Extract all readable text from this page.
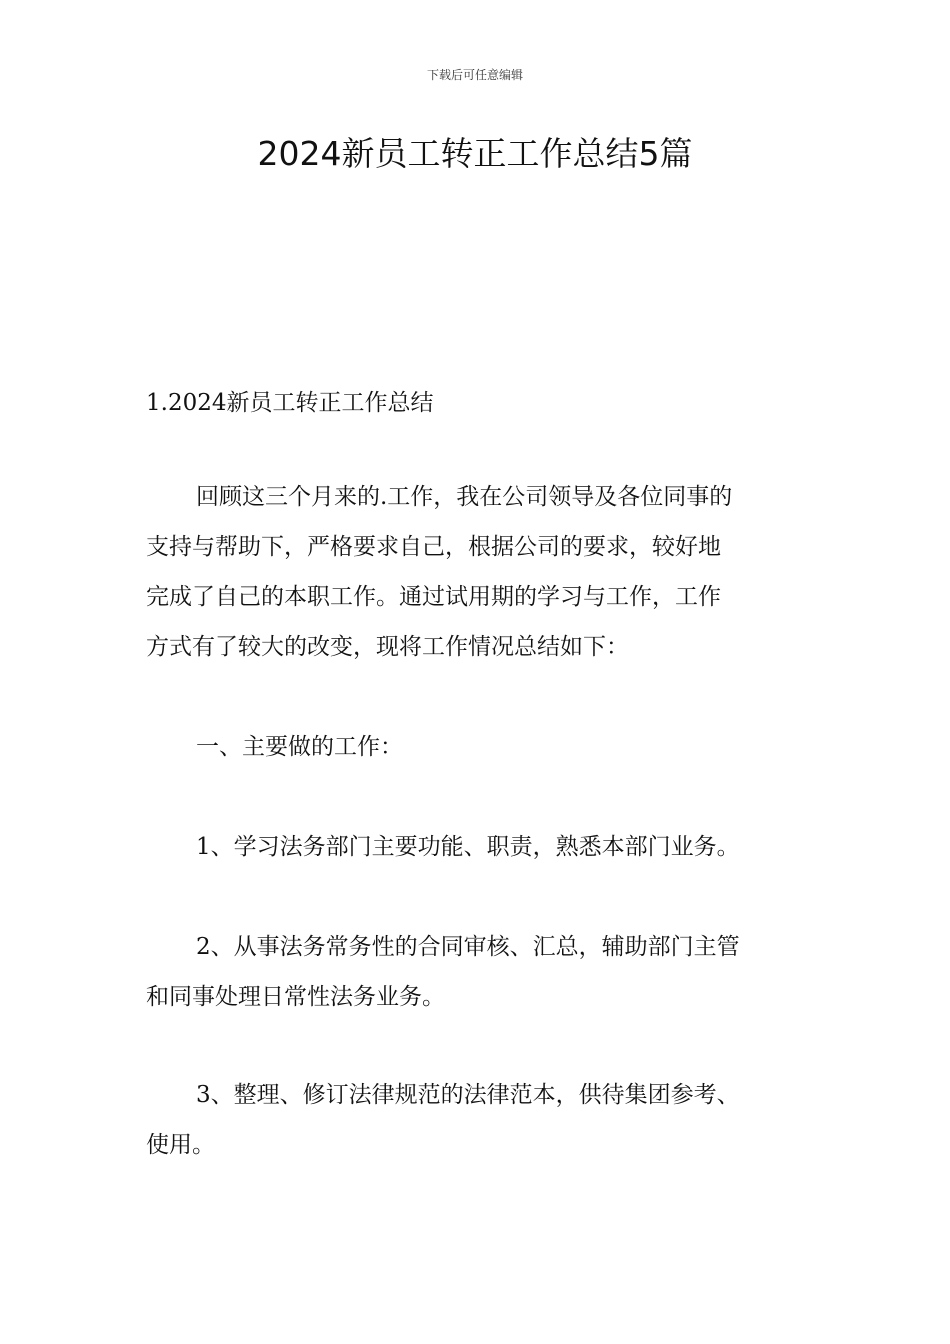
下载后可任意编辑
2024新员工转正工作总结5篇
1.2024新员工转正工作总结
回顾这三个月来的.工作，我在公司领导及各位同事的
支持与帮助下，严格要求自己，根据公司的要求，较好地
完成了自己的本职工作。通过试用期的学习与工作，工作
方式有了较大的改变，现将工作情况总结如下：
一、主要做的工作：
1、学习法务部门主要功能、职责，熟悉本部门业务。
2、从事法务常务性的合同审核、汇总，辅助部门主管
和同事处理日常性法务业务。
3、整理、修订法律规范的法律范本，供待集团参考、
使用。
